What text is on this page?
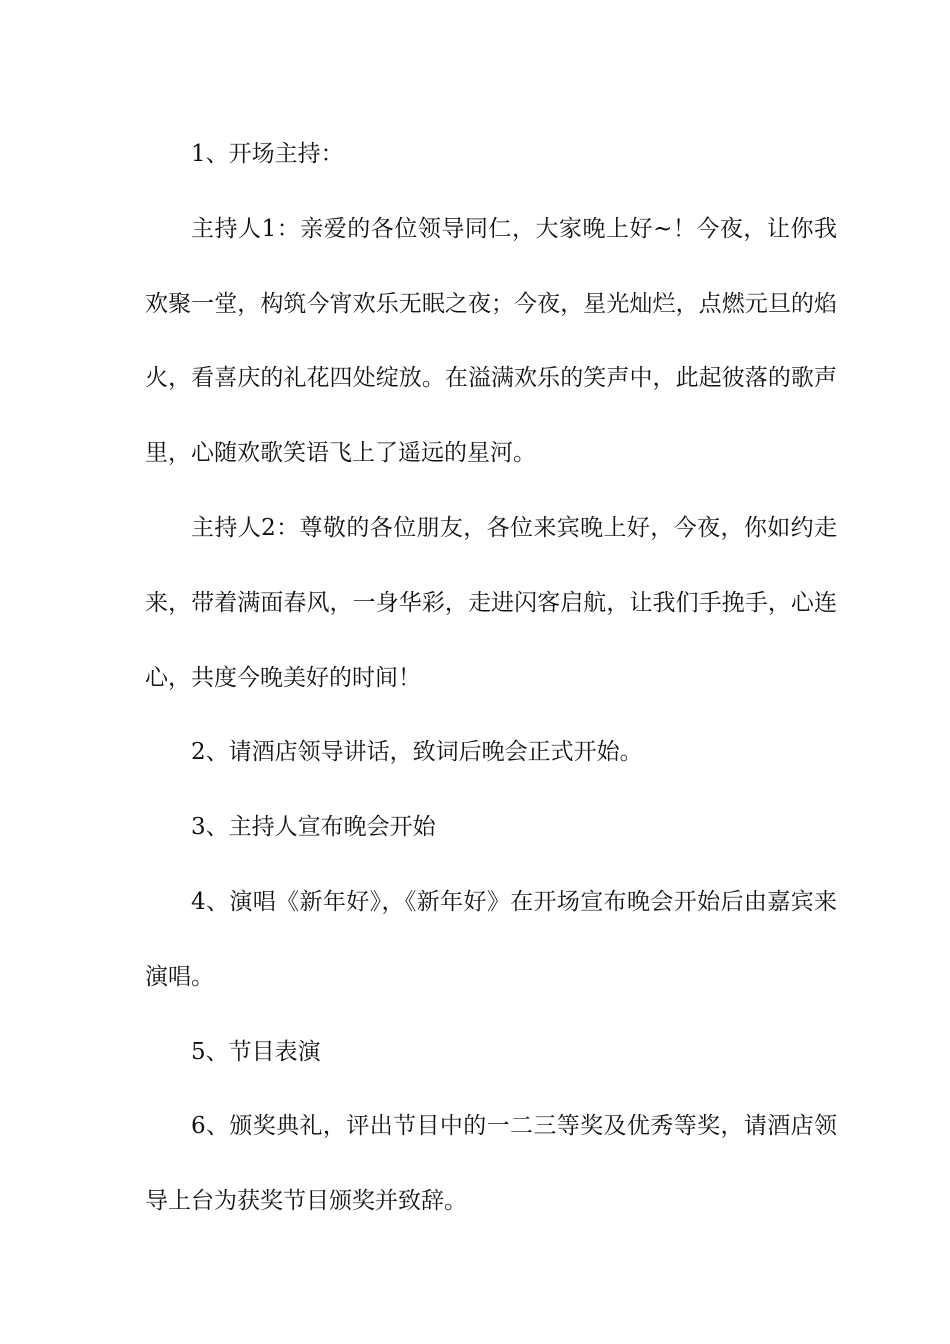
1、开场主持：

主持人1：亲爱的各位领导同仁，大家晚上好~！今夜，让你我欢聚一堂，构筑今宵欢乐无眠之夜；今夜，星光灿烂，点燃元旦的焰火，看喜庆的礼花四处绽放。在溢满欢乐的笑声中，此起彼落的歌声里，心随欢歌笑语飞上了遥远的星河。

主持人2：尊敬的各位朋友，各位来宾晚上好，今夜，你如约走来，带着满面春风，一身华彩，走进闪客启航，让我们手挽手，心连心，共度今晚美好的时间！

2、请酒店领导讲话，致词后晚会正式开始。

3、主持人宣布晚会开始

4、演唱《新年好》，《新年好》在开场宣布晚会开始后由嘉宾来演唱。

5、节目表演

6、颁奖典礼，评出节目中的一二三等奖及优秀等奖，请酒店领导上台为获奖节目颁奖并致辞。
